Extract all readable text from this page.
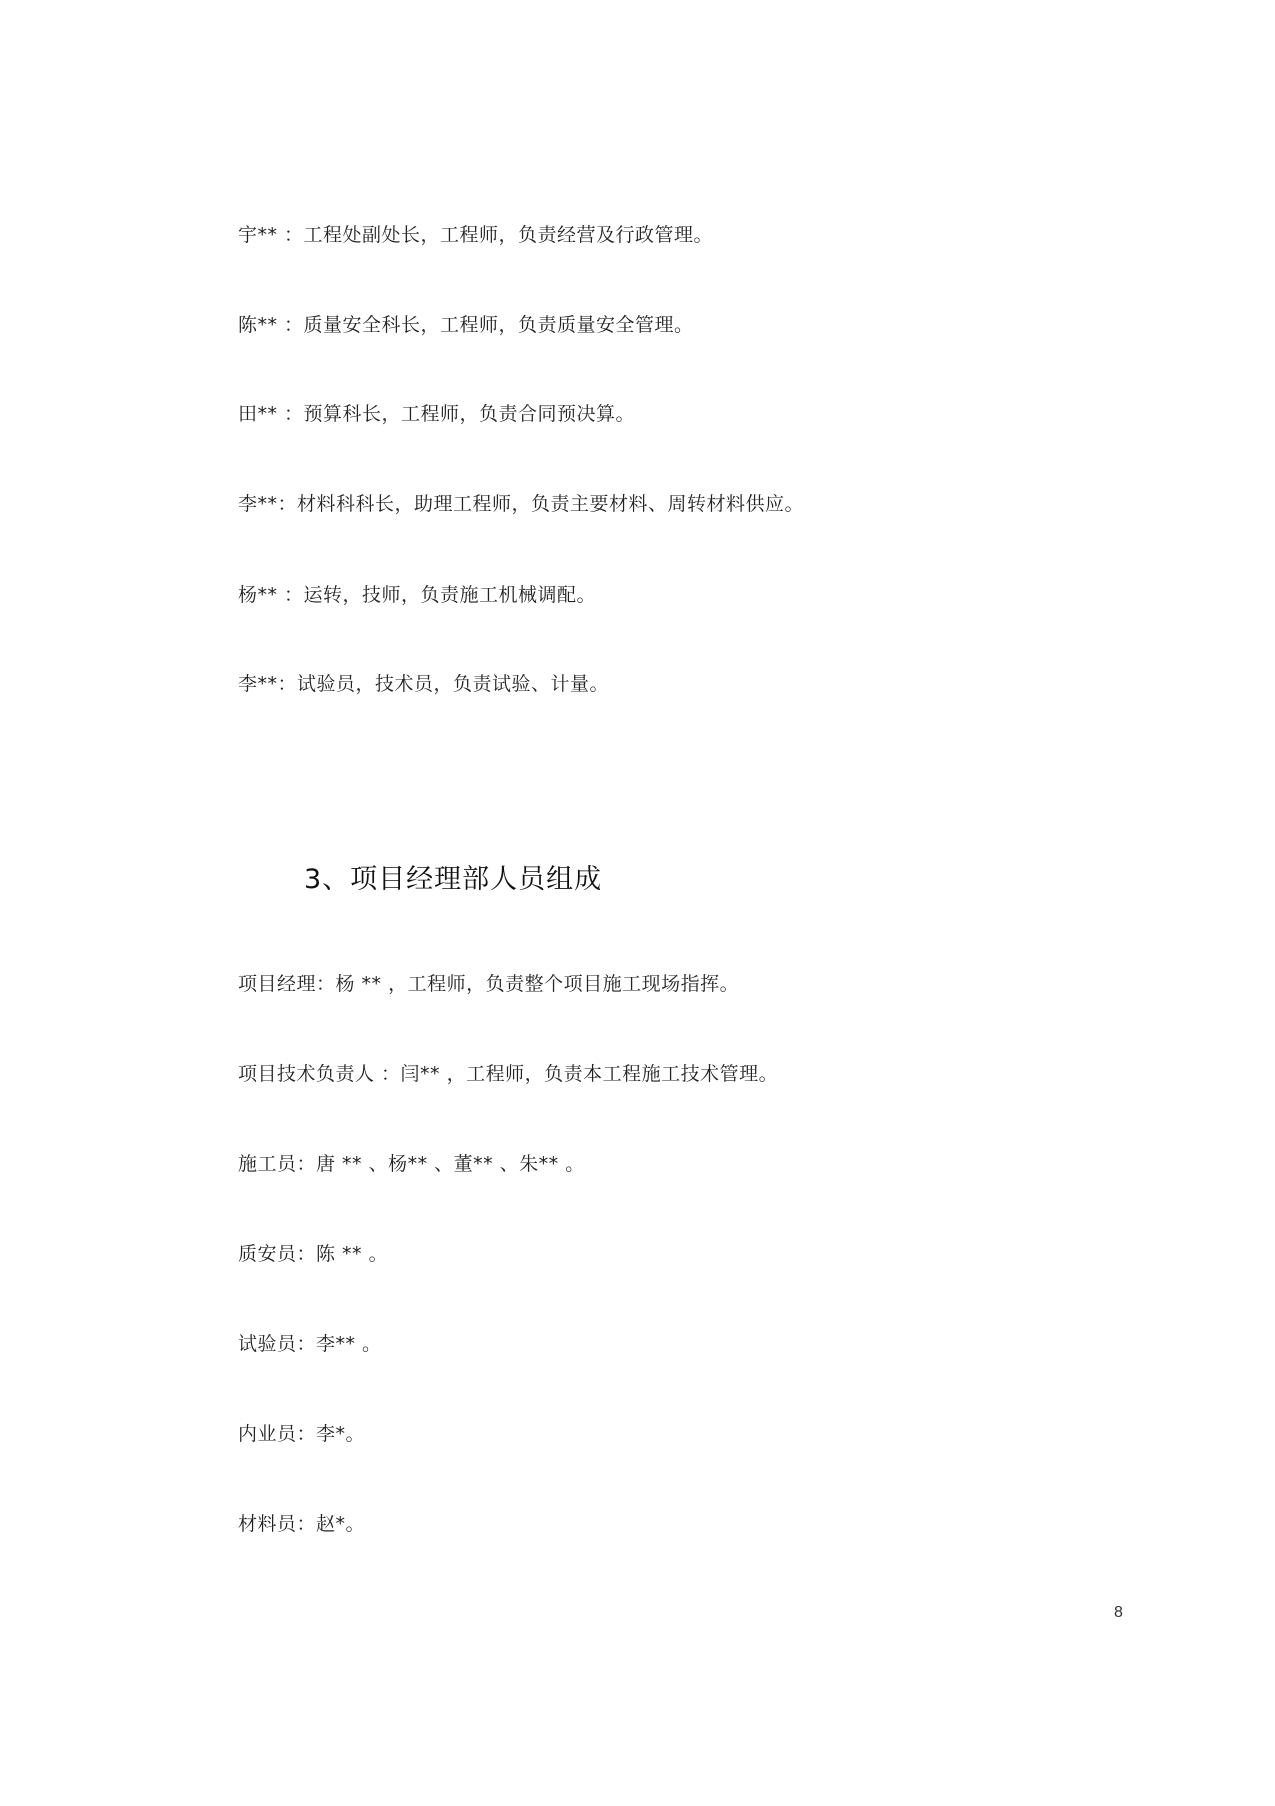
宇** ：工程处副处长，工程师，负责经营及行政管理。
陈** ：质量安全科长，工程师，负责质量安全管理。
田** ：预算科长，工程师，负责合同预决算。
李**：材料科科长，助理工程师，负责主要材料、周转材料供应。
杨** ：运转，技师，负责施工机械调配。
李**：试验员，技术员，负责试验、计量。
3、项目经理部人员组成
项目经理：杨 ** ，工程师，负责整个项目施工现场指挥。
项目技术负责人 ：闫** ，工程师，负责本工程施工技术管理。
施工员：唐 ** 、杨** 、董** 、朱** 。
质安员：陈 ** 。
试验员：李** 。
内业员：李*。
材料员：赵*。
8
